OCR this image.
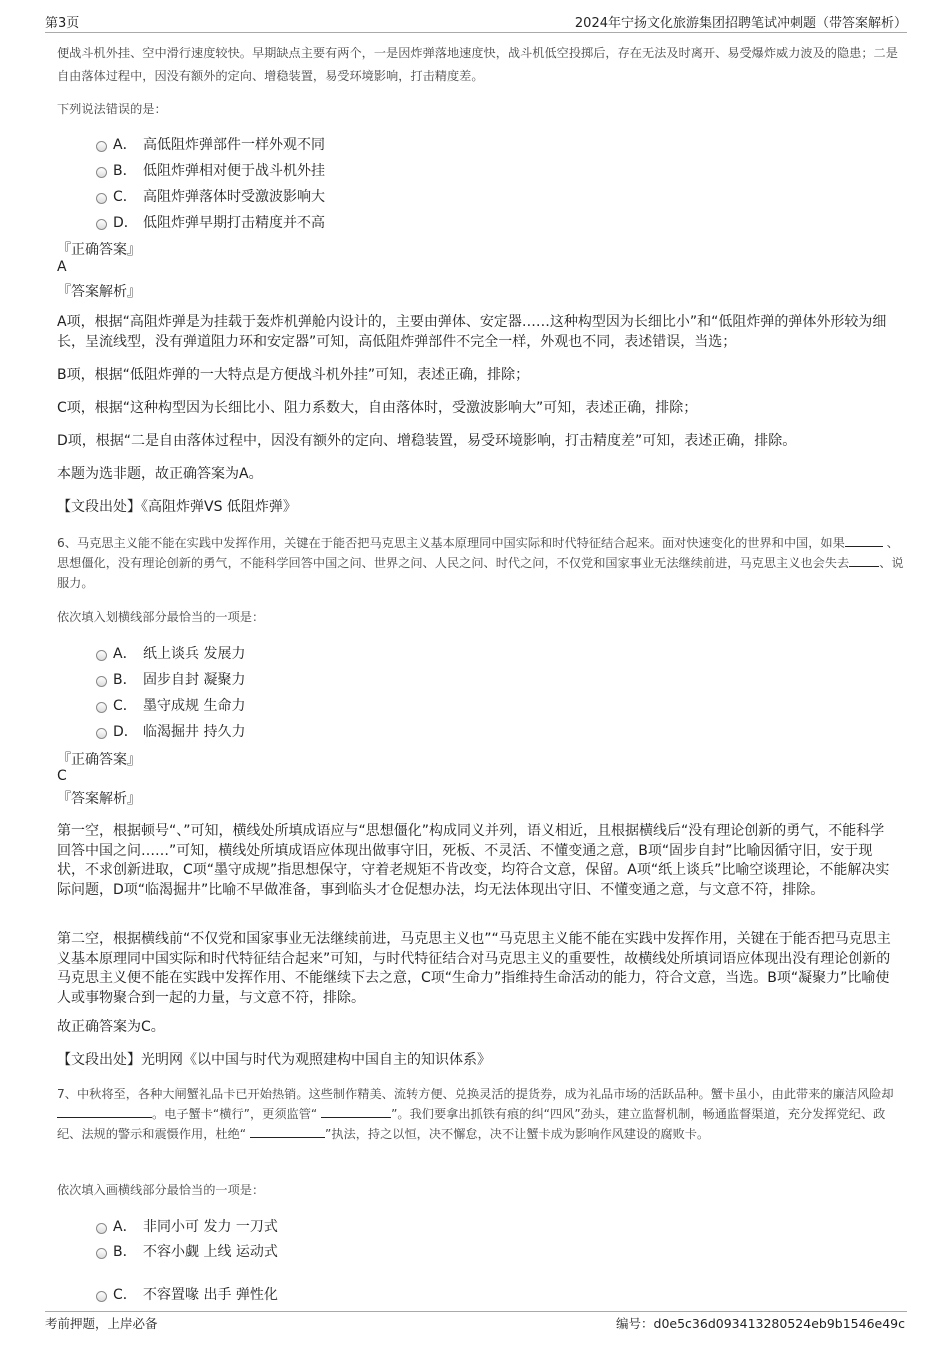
第3页	2024年宁扬文化旅游集团招聘笔试冲刺题（带答案解析）
便战斗机外挂、空中滑行速度较快。早期缺点主要有两个，一是因炸弹落地速度快，战斗机低空投掷后，存在无法及时离开、易受爆炸威力波及的隐患；二是自由落体过程中，因没有额外的定向、增稳装置，易受环境影响，打击精度差。
下列说法错误的是：
A． 高低阻炸弹部件一样外观不同
B． 低阻炸弹相对便于战斗机外挂
C． 高阻炸弹落体时受激波影响大
D． 低阻炸弹早期打击精度并不高
『正确答案』
A
『答案解析』
A项，根据“高阻炸弹是为挂载于轰炸机弹舱内设计的，主要由弹体、安定器……这种构型因为长细比小”和“低阻炸弹的弹体外形较为细长，呈流线型，没有弹道阻力环和安定器”可知，高低阻炸弹部件不完全一样，外观也不同，表述错误，当选；
B项，根据“低阻炸弹的一大特点是方便战斗机外挂”可知，表述正确，排除；
C项，根据“这种构型因为长细比小、阻力系数大，自由落体时，受激波影响大”可知，表述正确，排除；
D项，根据“二是自由落体过程中，因没有额外的定向、增稳装置，易受环境影响，打击精度差”可知，表述正确，排除。
本题为选非题，故正确答案为A。
【文段出处】《高阻炸弹VS 低阻炸弹》
6、马克思主义能不能在实践中发挥作用，关键在于能否把马克思主义基本原理同中国实际和时代特征结合起来。面对快速变化的世界和中国，如果	、思想僵化，没有理论创新的勇气，不能科学回答中国之问、世界之问、人民之问、时代之问，不仅党和国家事业无法继续前进，马克思主义也会失去 、说服力。
依次填入划横线部分最恰当的一项是：
A． 纸上谈兵 发展力
B． 固步自封 凝聚力
C． 墨守成规 生命力
D． 临渴掘井 持久力
『正确答案』
C
『答案解析』
第一空，根据顿号“、”可知，横线处所填成语应与“思想僵化”构成同义并列，语义相近，且根据横线后“没有理论创新的勇气，不能科学回答中国之问……”可知，横线处所填成语应体现出做事守旧，死板、不灵活、不懂变通之意，B项“固步自封”比喻因循守旧，安于现状，不求创新进取，C项“墨守成规”指思想保守，守着老规矩不肯改变，均符合文意，保留。A项“纸上谈兵”比喻空谈理论，不能解决实际问题，D项“临渴掘井”比喻不早做准备，事到临头才仓促想办法，均无法体现出守旧、不懂变通之意，与文意不符，排除。
第二空，根据横线前“不仅党和国家事业无法继续前进，马克思主义也”“马克思主义能不能在实践中发挥作用，关键在于能否把马克思主义基本原理同中国实际和时代特征结合起来”可知，与时代特征结合对马克思主义的重要性，故横线处所填词语应体现出没有理论创新的马克思主义便不能在实践中发挥作用、不能继续下去之意，C项“生命力”指维持生命活动的能力，符合文意，当选。B项“凝聚力”比喻使人或事物聚合到一起的力量，与文意不符，排除。
故正确答案为C。
【文段出处】光明网《以中国与时代为观照建构中国自主的知识体系》
7、中秋将至，各种大闸蟹礼品卡已开始热销。这些制作精美、流转方便、兑换灵活的提货券，成为礼品市场的活跃品种。蟹卡虽小，由此带来的廉洁风险却 。电子蟹卡“横行”，更须监管“	”。我们要拿出抓铁有痕的纠“四风”劲头，建立监督机制，畅通监督渠道，充分发挥党纪、政纪、法规的警示和震慑作用，杜绝“	”执法，持之以恒，决不懈怠，决不让蟹卡成为影响作风建设的腐败卡。
依次填入画横线部分最恰当的一项是：
A． 非同小可 发力 一刀式
B． 不容小觑 上线 运动式
C． 不容置喙 出手 弹性化
考前押题，上岸必备	编号：d0e5c36d093413280524eb9b1546e49c
